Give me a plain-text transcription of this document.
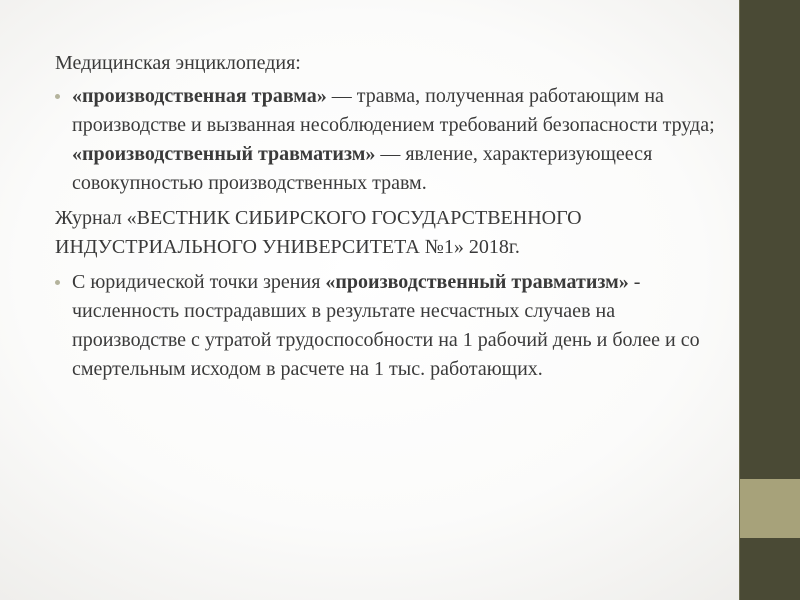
Медицинская энциклопедия:

«производственная травма» — травма, полученная работающим на производстве и вызванная несоблюдением требований безопасности труда; «производственный травматизм» — явление, характеризующееся совокупностью производственных травм.

Журнал «ВЕСТНИК СИБИРСКОГО ГОСУДАРСТВЕННОГО ИНДУСТРИАЛЬНОГО УНИВЕРСИТЕТА №1» 2018г.

С юридической точки зрения «производственный травматизм» - численность пострадавших в результате несчастных случаев на производстве с утратой трудоспособности на 1 рабочий день и более и со смертельным исходом в расчете на 1 тыс. работающих.
